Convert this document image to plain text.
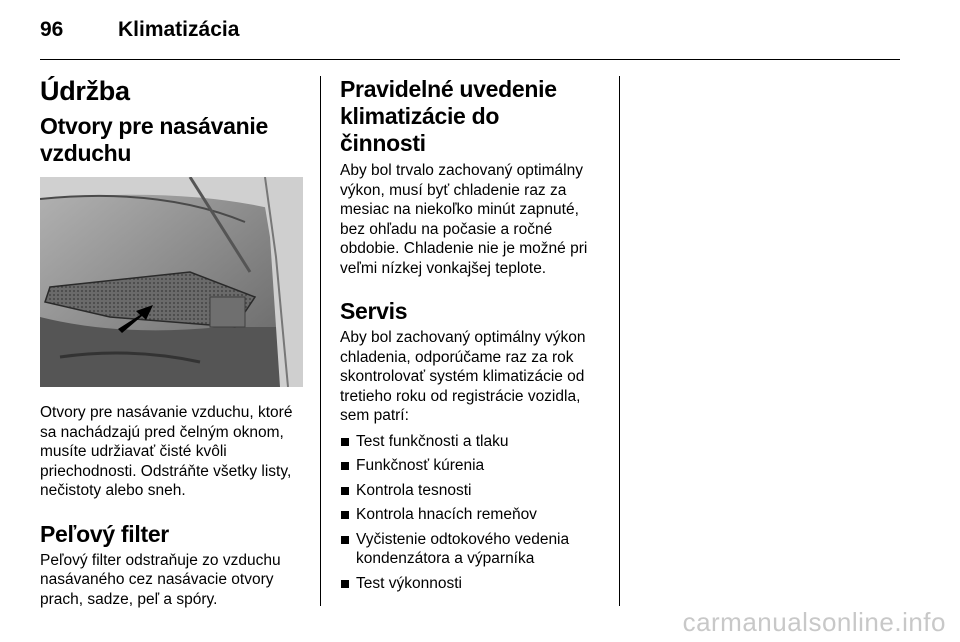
96	Klimatizácia
Údržba
Otvory pre nasávanie vzduchu

Otvory pre nasávanie vzduchu, ktoré sa nachádzajú pred čelným oknom, musíte udržiavať čisté kvôli priechodnosti. Odstráňte všetky listy, nečistoty alebo sneh.

Peľový filter

Peľový filter odstraňuje zo vzduchu nasávaného cez nasávacie otvory prach, sadze, peľ a spóry.

Pravidelné uvedenie klimatizácie do činnosti

Aby bol trvalo zachovaný optimálny výkon, musí byť chladenie raz za mesiac na niekoľko minút zapnuté, bez ohľadu na počasie a ročné obdobie. Chladenie nie je možné pri veľmi nízkej vonkajšej teplote.

Servis

Aby bol zachovaný optimálny výkon chladenia, odporúčame raz za rok skontrolovať systém klimatizácie od tretieho roku od registrácie vozidla, sem patrí:

Test funkčnosti a tlaku
Funkčnosť kúrenia
Kontrola tesnosti
Kontrola hnacích remeňov
Vyčistenie odtokového vedenia kondenzátora a výparníka
Test výkonnosti
carmanualsonline.info
